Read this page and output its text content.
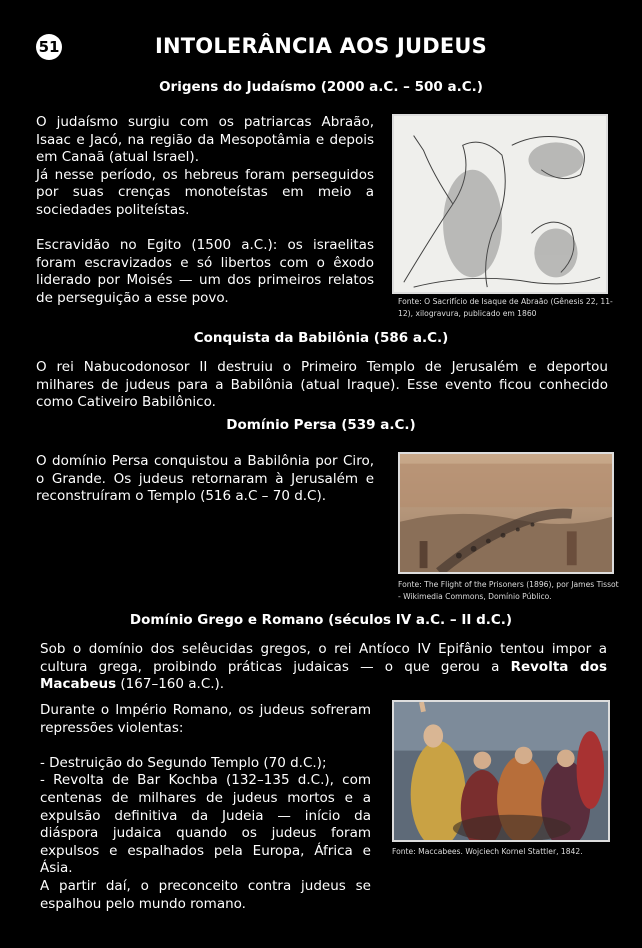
51	INTOLERÂNCIA AOS JUDEUS
Origens do Judaísmo (2000 a.C. – 500 a.C.)

O judaísmo surgiu com os patriarcas Abraão, Isaac e Jacó, na região da Mesopotâmia e depois em Canaã (atual Israel).

Já nesse período, os hebreus foram perseguidos por suas crenças monoteístas em meio a sociedades politeístas.

Escravidão no Egito (1500 a.C.): os israelitas foram escravizados e só libertos com o êxodo liderado por Moisés — um dos primeiros relatos de perseguição a esse povo.	Fonte: O Sacrifício de Isaque de Abraão (Gênesis 22, 11-12), xilogravura, publicado em 1860
Conquista da Babilônia (586 a.C.)

O rei Nabucodonosor II destruiu o Primeiro Templo de Jerusalém e deportou milhares de judeus para a Babilônia (atual Iraque). Esse evento ficou conhecido como Cativeiro Babilônico.

Domínio Persa (539 a.C.)

O domínio Persa conquistou a Babilônia por Ciro, o Grande. Os judeus retornaram à Jerusalém e reconstruíram o Templo (516 a.C – 70 d.C).

Fonte: The Flight of the Prisoners (1896), por James Tissot - Wikimedia Commons, Domínio Público.
Domínio Grego e Romano (séculos IV a.C. – II d.C.)

Sob o domínio dos selêucidas gregos, o rei Antíoco IV Epifânio tentou impor a cultura grega, proibindo práticas judaicas — o que gerou a Revolta dos Macabeus (167–160 a.C.).

Durante o Império Romano, os judeus sofreram repressões violentas:

- Destruição do Segundo Templo (70 d.C.);

- Revolta de Bar Kochba (132–135 d.C.), com centenas de milhares de judeus mortos e a expulsão definitiva da Judeia — início da diáspora judaica quando os judeus foram expulsos e espalhados pela Europa, África e Ásia.

A partir daí, o preconceito contra judeus se espalhou pelo mundo romano.

Fonte: Maccabees. Wojciech Kornel Stattler, 1842.
